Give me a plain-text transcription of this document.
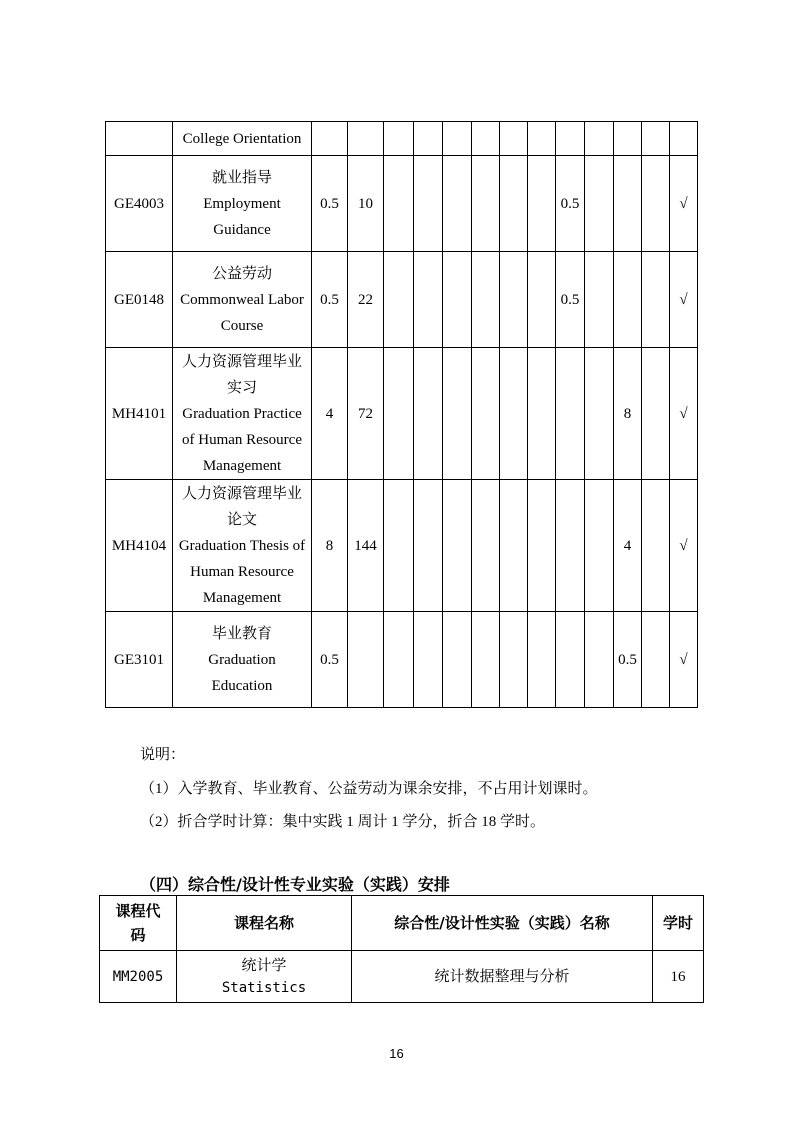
	College Orientation													

GE4003	就业指导
Employment
Guidance	0.5	10							0.5				√
GE0148	公益劳动
Commonweal Labor
Course	0.5	22							0.5				√
MH4101	人力资源管理毕业
实习
Graduation Practice
of Human Resource
Management	4	72									8		√
MH4104	人力资源管理毕业
论文
Graduation Thesis of
Human Resource
Management	8	144									4		√
GE3101	毕业教育
Graduation
Education	0.5										0.5		√
说明：
（1）入学教育、毕业教育、公益劳动为课余安排，不占用计划课时。
（2）折合学时计算：集中实践 1 周计 1 学分，折合 18 学时。
（四）综合性/设计性专业实验（实践）安排
课程代码	课程名称	综合性/设计性实验（实践）名称	学时
MM2005	统计学
Statistics	统计数据整理与分析	16
16
